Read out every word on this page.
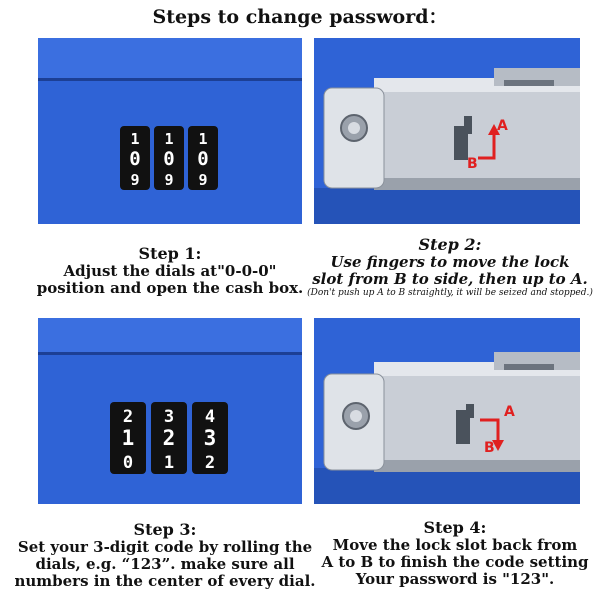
Steps to change password：
1
0
9
1
0
9
1
0
9
A
B
2
1
0
3
2
1
4
3
2
A
B
Step 1:
Adjust the dials at"0-0-0"
position and open the cash box.
Step 2:
Use fingers to move the lock
slot from B to side, then up to A.
(Don't push up A to B straightly, it will be seized and stopped.)
Step 3:
Set your 3-digit code by rolling the
dials, e.g. “123”. make sure all
numbers in the center of every dial.
Step 4:
Move the lock slot back from
A to B to finish the code setting
Your password is "123".
